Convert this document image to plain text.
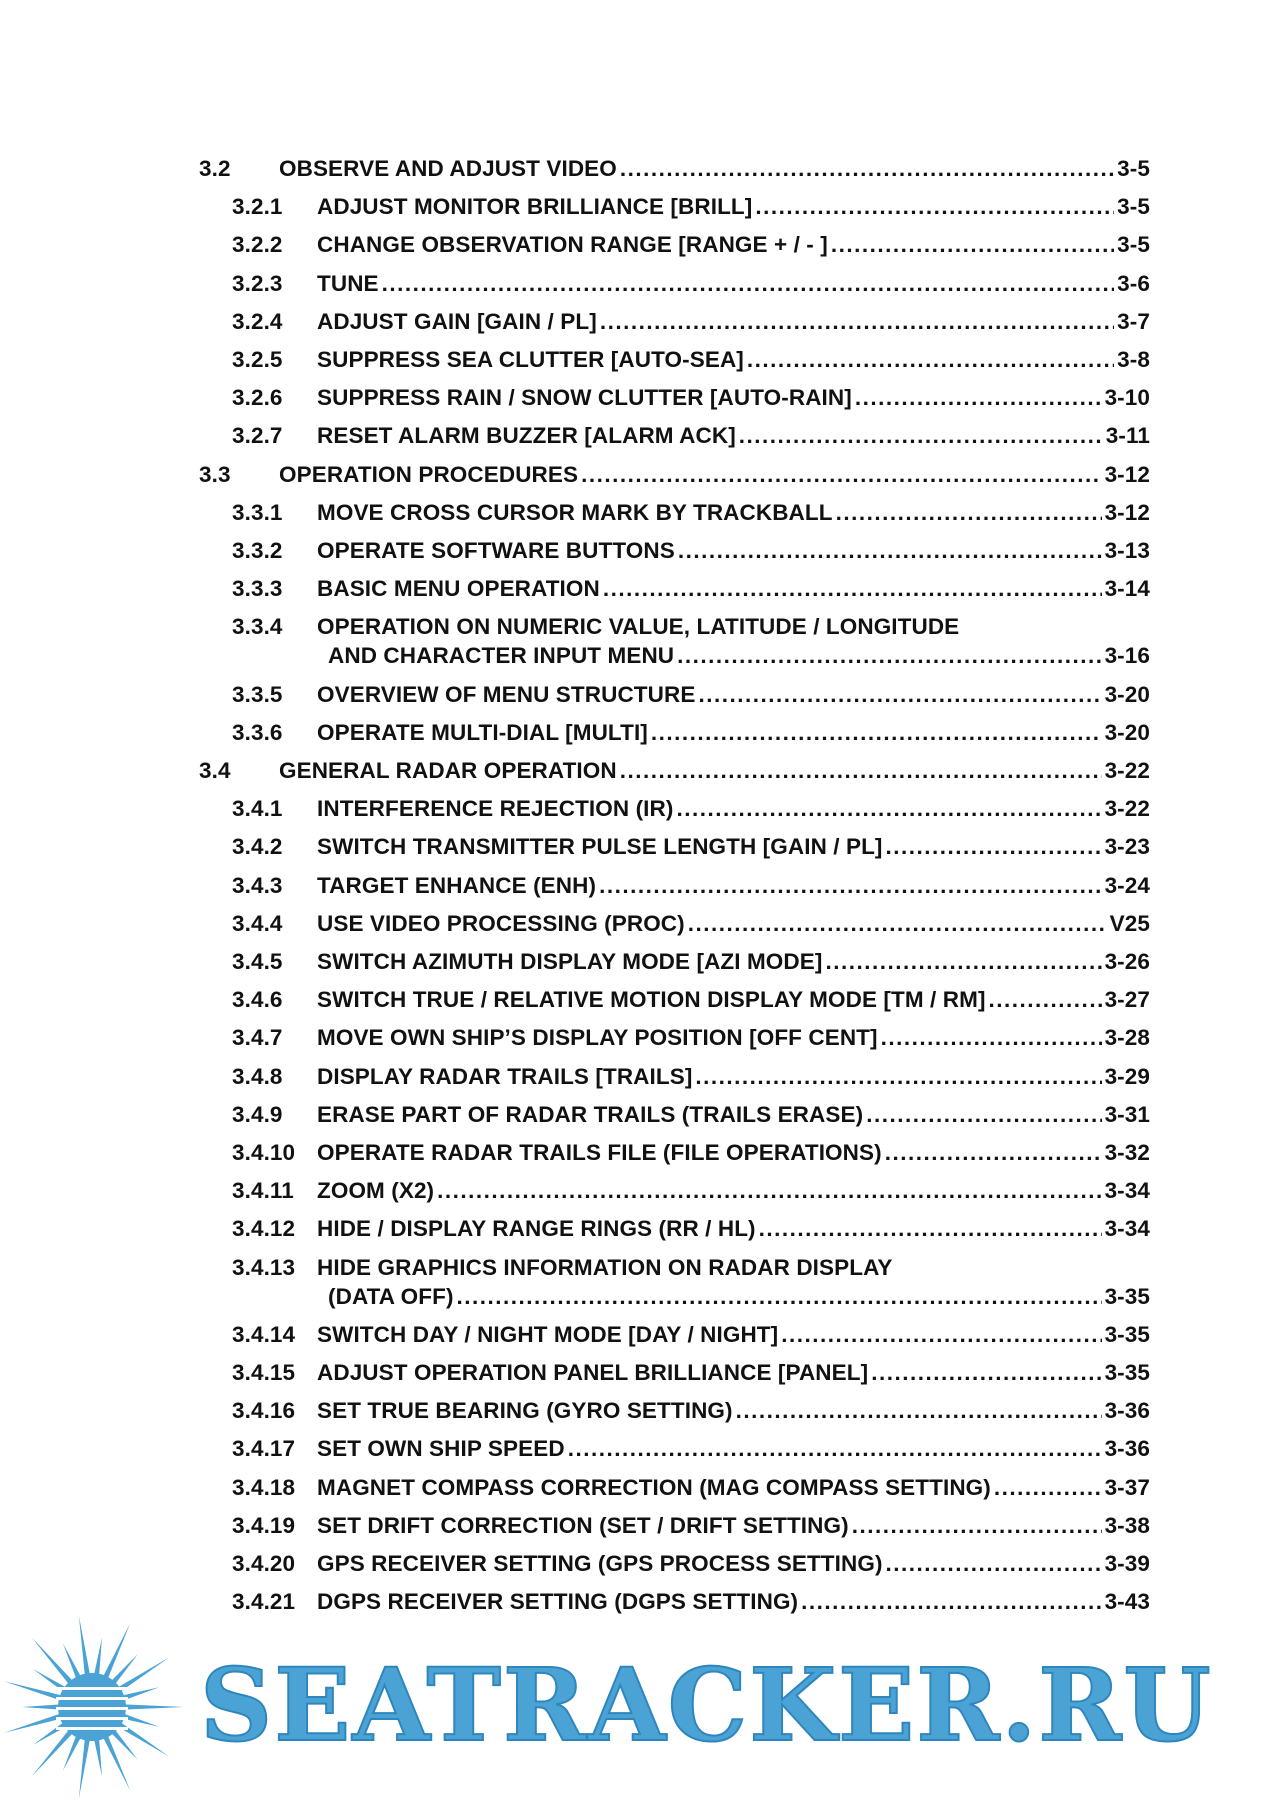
3.2 OBSERVE AND ADJUST VIDEO .....	3-5
3.2.1 ADJUST MONITOR BRILLIANCE [BRILL] .....	3-5
3.2.2 CHANGE OBSERVATION RANGE [RANGE + / - ] .....	3-5
3.2.3 TUNE .....	3-6
3.2.4 ADJUST GAIN [GAIN / PL] .....	3-7
3.2.5 SUPPRESS SEA CLUTTER [AUTO-SEA] .....	3-8
3.2.6 SUPPRESS RAIN / SNOW CLUTTER [AUTO-RAIN] .....	3-10
3.2.7 RESET ALARM BUZZER [ALARM ACK] .....	3-11
3.3 OPERATION PROCEDURES .....	3-12
3.3.1 MOVE CROSS CURSOR MARK BY TRACKBALL .....	3-12
3.3.2 OPERATE SOFTWARE BUTTONS .....	3-13
3.3.3 BASIC MENU OPERATION .....	3-14
3.3.4 OPERATION ON NUMERIC VALUE, LATITUDE / LONGITUDE
AND CHARACTER INPUT MENU .....	3-16
3.3.5 OVERVIEW OF MENU STRUCTURE .....	3-20
3.3.6 OPERATE MULTI-DIAL [MULTI] .....	3-20
3.4 GENERAL RADAR OPERATION .....	3-22
3.4.1 INTERFERENCE REJECTION (IR) .....	3-22
3.4.2 SWITCH TRANSMITTER PULSE LENGTH [GAIN / PL] .....	3-23
3.4.3 TARGET ENHANCE (ENH) .....	3-24
3.4.4 USE VIDEO PROCESSING (PROC) .....	V25
3.4.5 SWITCH AZIMUTH DISPLAY MODE [AZI MODE] .....	3-26
3.4.6 SWITCH TRUE / RELATIVE MOTION DISPLAY MODE [TM / RM] .....	3-27
3.4.7 MOVE OWN SHIP’S DISPLAY POSITION [OFF CENT] .....	3-28
3.4.8 DISPLAY RADAR TRAILS [TRAILS] .....	3-29
3.4.9 ERASE PART OF RADAR TRAILS (TRAILS ERASE) .....	3-31
3.4.10 OPERATE RADAR TRAILS FILE (FILE OPERATIONS) .....	3-32
3.4.11 ZOOM (X2) .....	3-34
3.4.12 HIDE / DISPLAY RANGE RINGS (RR / HL) .....	3-34
3.4.13 HIDE GRAPHICS INFORMATION ON RADAR DISPLAY
(DATA OFF) .....	3-35
3.4.14 SWITCH DAY / NIGHT MODE [DAY / NIGHT] .....	3-35
3.4.15 ADJUST OPERATION PANEL BRILLIANCE [PANEL] .....	3-35
3.4.16 SET TRUE BEARING (GYRO SETTING) .....	3-36
3.4.17 SET OWN SHIP SPEED .....	3-36
3.4.18 MAGNET COMPASS CORRECTION (MAG COMPASS SETTING) .....	3-37
3.4.19 SET DRIFT CORRECTION (SET / DRIFT SETTING) .....	3-38
3.4.20 GPS RECEIVER SETTING (GPS PROCESS SETTING) .....	3-39
3.4.21 DGPS RECEIVER SETTING (DGPS SETTING) .....	3-43
SEATRACKER.RU
